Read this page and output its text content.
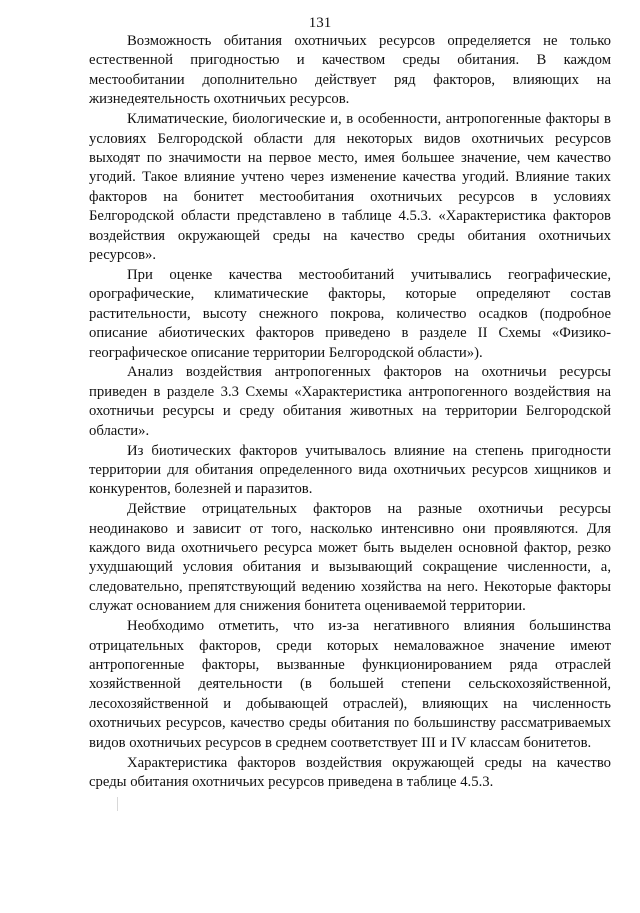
131

Возможность обитания охотничьих ресурсов определяется не только естественной пригодностью и качеством среды обитания. В каждом местообитании дополнительно действует ряд факторов, влияющих на жизнедеятельность охотничьих ресурсов.

Климатические, биологические и, в особенности, антропогенные факторы в условиях Белгородской области для некоторых видов охотничьих ресурсов выходят по значимости на первое место, имея большее значение, чем качество угодий. Такое влияние учтено через изменение качества угодий. Влияние таких факторов на бонитет местообитания охотничьих ресурсов в условиях Белгородской области представлено в таблице 4.5.3. «Характеристика факторов воздействия окружающей среды на качество среды обитания охотничьих ресурсов».

При оценке качества местообитаний учитывались географические, орографические, климатические факторы, которые определяют состав растительности, высоту снежного покрова, количество осадков (подробное описание абиотических факторов приведено в разделе II Схемы «Физико-географическое описание территории Белгородской области»).

Анализ воздействия антропогенных факторов на охотничьи ресурсы приведен в разделе 3.3 Схемы «Характеристика антропогенного воздействия на охотничьи ресурсы и среду обитания животных на территории Белгородской области».

Из биотических факторов учитывалось влияние на степень пригодности территории для обитания определенного вида охотничьих ресурсов хищников и конкурентов, болезней и паразитов.

Действие отрицательных факторов на разные охотничьи ресурсы неодинаково и зависит от того, насколько интенсивно они проявляются. Для каждого вида охотничьего ресурса может быть выделен основной фактор, резко ухудшающий условия обитания и вызывающий сокращение численности, а, следовательно, препятствующий ведению хозяйства на него. Некоторые факторы служат основанием для снижения бонитета оцениваемой территории.

Необходимо отметить, что из-за негативного влияния большинства отрицательных факторов, среди которых немаловажное значение имеют антропогенные факторы, вызванные функционированием ряда отраслей хозяйственной деятельности (в большей степени сельскохозяйственной, лесохозяйственной и добывающей отраслей), влияющих на численность охотничьих ресурсов, качество среды обитания по большинству рассматриваемых видов охотничьих ресурсов в среднем соответствует III и IV классам бонитетов.

Характеристика факторов воздействия окружающей среды на качество среды обитания охотничьих ресурсов приведена в таблице 4.5.3.
